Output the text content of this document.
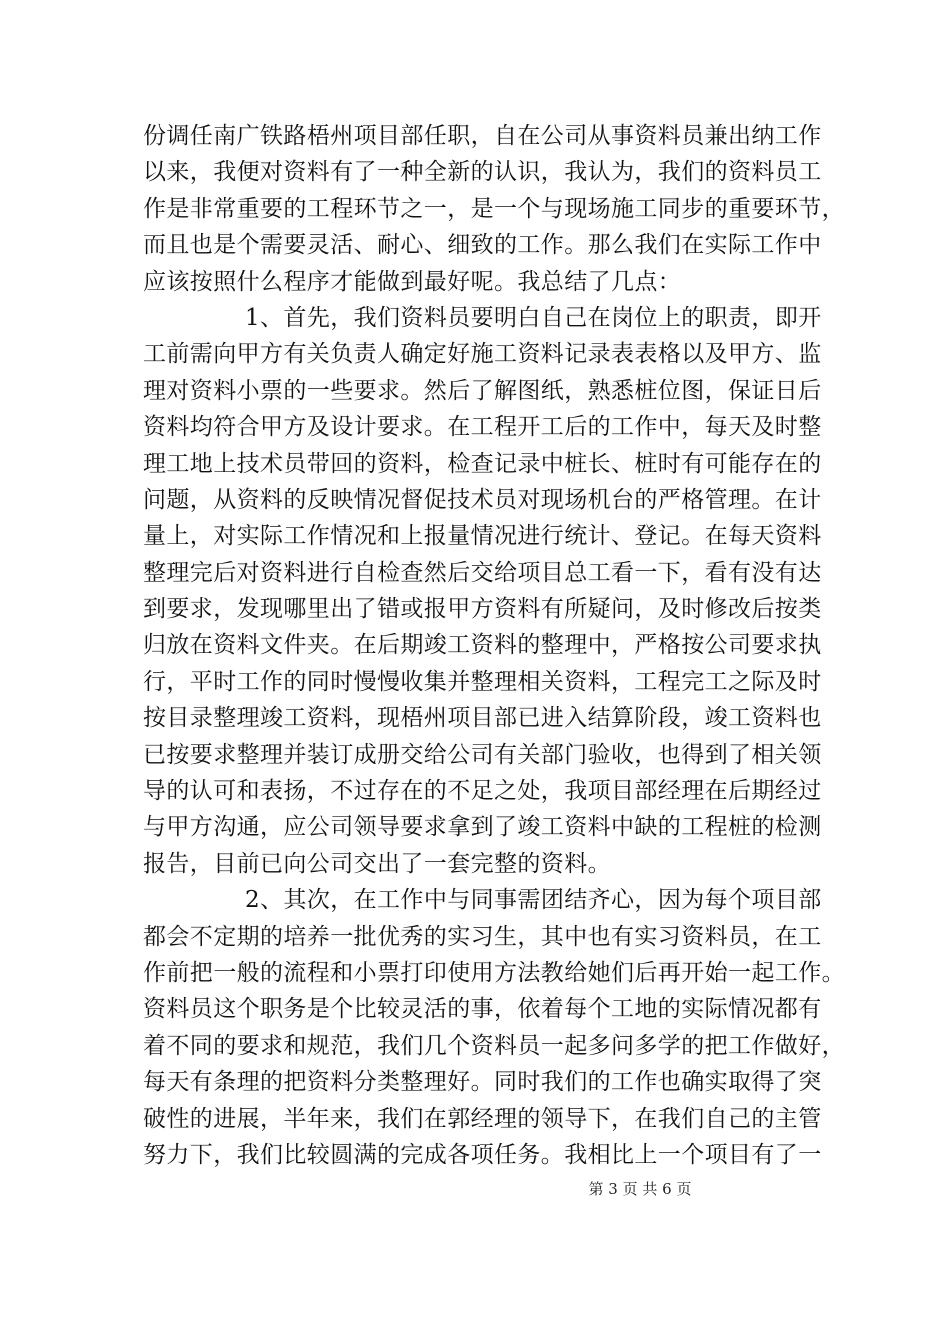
份调任南广铁路梧州项目部任职，自在公司从事资料员兼出纳工作
以来，我便对资料有了一种全新的认识，我认为，我们的资料员工
作是非常重要的工程环节之一，是一个与现场施工同步的重要环节，
而且也是个需要灵活、耐心、细致的工作。那么我们在实际工作中
应该按照什么程序才能做到最好呢。我总结了几点：
1、首先，我们资料员要明白自己在岗位上的职责，即开
工前需向甲方有关负责人确定好施工资料记录表表格以及甲方、监
理对资料小票的一些要求。然后了解图纸，熟悉桩位图，保证日后
资料均符合甲方及设计要求。在工程开工后的工作中，每天及时整
理工地上技术员带回的资料，检查记录中桩长、桩时有可能存在的
问题，从资料的反映情况督促技术员对现场机台的严格管理。在计
量上，对实际工作情况和上报量情况进行统计、登记。在每天资料
整理完后对资料进行自检查然后交给项目总工看一下，看有没有达
到要求，发现哪里出了错或报甲方资料有所疑问，及时修改后按类
归放在资料文件夹。在后期竣工资料的整理中，严格按公司要求执
行，平时工作的同时慢慢收集并整理相关资料，工程完工之际及时
按目录整理竣工资料，现梧州项目部已进入结算阶段，竣工资料也
已按要求整理并装订成册交给公司有关部门验收，也得到了相关领
导的认可和表扬，不过存在的不足之处，我项目部经理在后期经过
与甲方沟通，应公司领导要求拿到了竣工资料中缺的工程桩的检测
报告，目前已向公司交出了一套完整的资料。
2、其次，在工作中与同事需团结齐心，因为每个项目部
都会不定期的培养一批优秀的实习生，其中也有实习资料员，在工
作前把一般的流程和小票打印使用方法教给她们后再开始一起工作。
资料员这个职务是个比较灵活的事，依着每个工地的实际情况都有
着不同的要求和规范，我们几个资料员一起多问多学的把工作做好，
每天有条理的把资料分类整理好。同时我们的工作也确实取得了突
破性的进展，半年来，我们在郭经理的领导下，在我们自己的主管
努力下，我们比较圆满的完成各项任务。我相比上一个项目有了一
第 3 页 共 6 页
